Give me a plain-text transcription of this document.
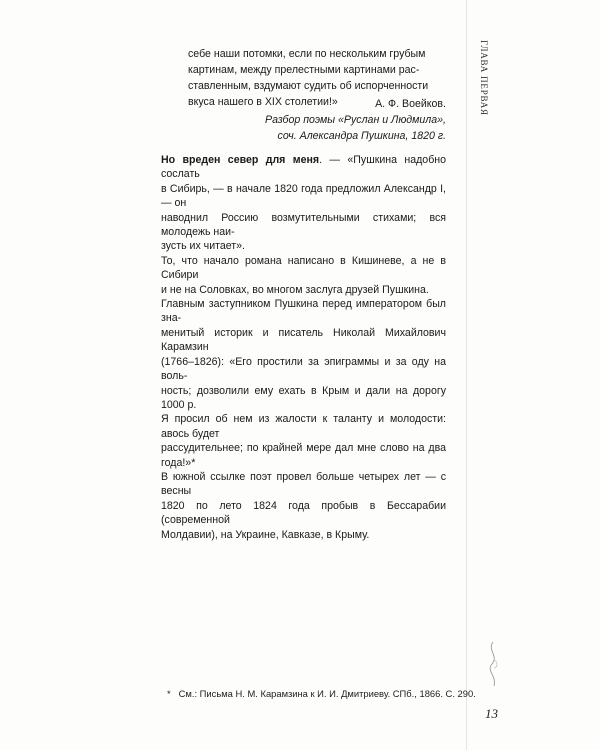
ГЛАВА ПЕРВАЯ
себе наши потомки, если по нескольким грубым
картинам, между прелестными картинами рас-
ставленным, вздумают судить об испорченности
вкуса нашего в XIX столетии!»	А. Ф. Воейков.
Разбор поэмы «Руслан и Людмила»,
соч. Александра Пушкина, 1820 г.
Но вреден север для меня. — «Пушкина надобно сослать
в Сибирь, — в начале 1820 года предложил Александр I, — он
наводнил Россию возмутительными стихами; вся молодежь наи-
зусть их читает».
То, что начало романа написано в Кишиневе, а не в Сибири
и не на Соловках, во многом заслуга друзей Пушкина.
Главным заступником Пушкина перед императором был зна-
менитый историк и писатель Николай Михайлович Карамзин
(1766–1826): «Его простили за эпиграммы и за оду на воль-
ность; дозволили ему ехать в Крым и дали на дорогу 1000 р.
Я просил об нем из жалости к таланту и молодости: авось будет
рассудительнее; по крайней мере дал мне слово на два года!»*
В южной ссылке поэт провел больше четырех лет — с весны
1820 по лето 1824 года пробыв в Бессарабии (современной
Молдавии), на Украине, Кавказе, в Крыму.
* См.: Письма Н. М. Карамзина к И. И. Дмитриеву. СПб., 1866. С. 290.
13
